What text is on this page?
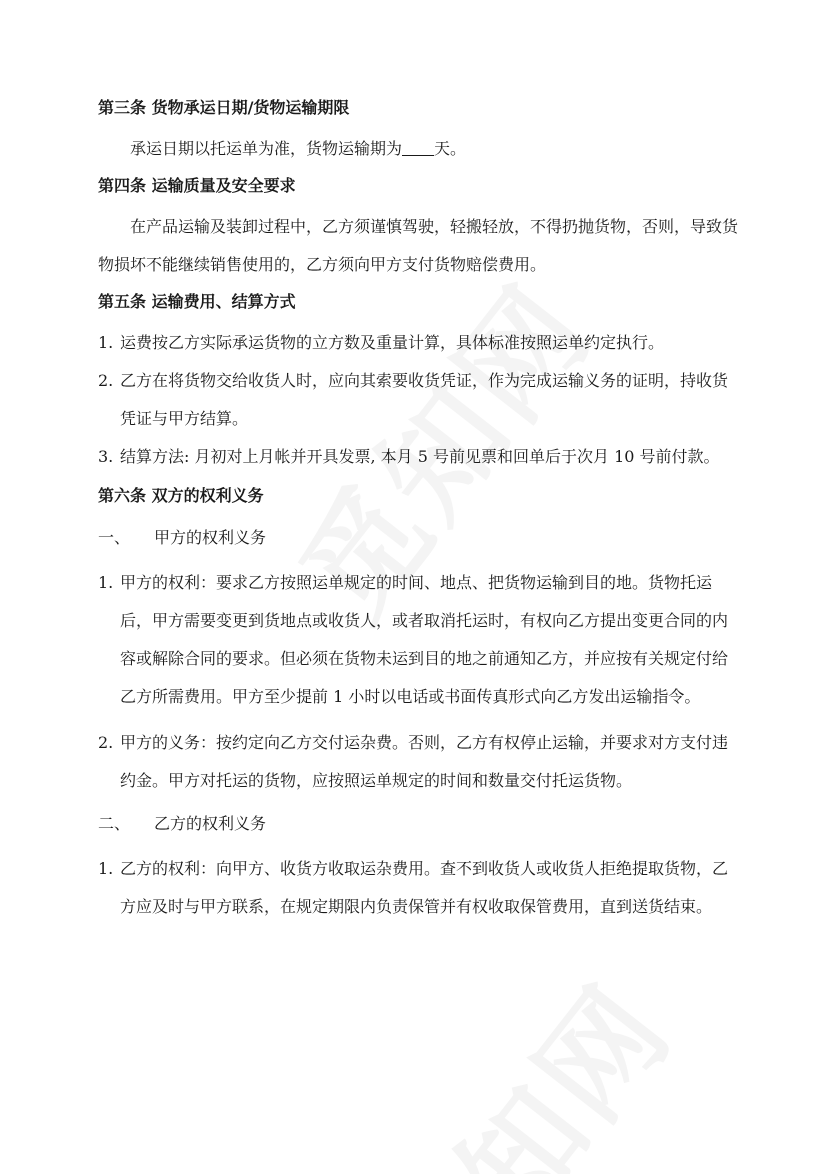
第三条 货物承运日期/货物运输期限

承运日期以托运单为准，货物运输期为 天。

第四条 运输质量及安全要求

在产品运输及装卸过程中，乙方须谨慎驾驶，轻搬轻放，不得扔抛货物，否则，导致货物损坏不能继续销售使用的，乙方须向甲方支付货物赔偿费用。

第五条 运输费用、结算方式

1. 运费按乙方实际承运货物的立方数及重量计算，具体标准按照运单约定执行。
2. 乙方在将货物交给收货人时，应向其索要收货凭证，作为完成运输义务的证明，持收货凭证与甲方结算。
3. 结算方法: 月初对上月帐并开具发票, 本月 5 号前见票和回单后于次月 10 号前付款。

第六条 双方的权利义务

一、	甲方的权利义务
1. 甲方的权利：要求乙方按照运单规定的时间、地点、把货物运输到目的地。货物托运后，甲方需要变更到货地点或收货人，或者取消托运时，有权向乙方提出变更合同的内容或解除合同的要求。但必须在货物未运到目的地之前通知乙方，并应按有关规定付给乙方所需费用。甲方至少提前 1 小时以电话或书面传真形式向乙方发出运输指令。
2. 甲方的义务：按约定向乙方交付运杂费。否则，乙方有权停止运输，并要求对方支付违约金。甲方对托运的货物，应按照运单规定的时间和数量交付托运货物。
二、	乙方的权利义务
1. 乙方的权利：向甲方、收货方收取运杂费用。查不到收货人或收货人拒绝提取货物，乙方应及时与甲方联系，在规定期限内负责保管并有权收取保管费用，直到送货结束。
